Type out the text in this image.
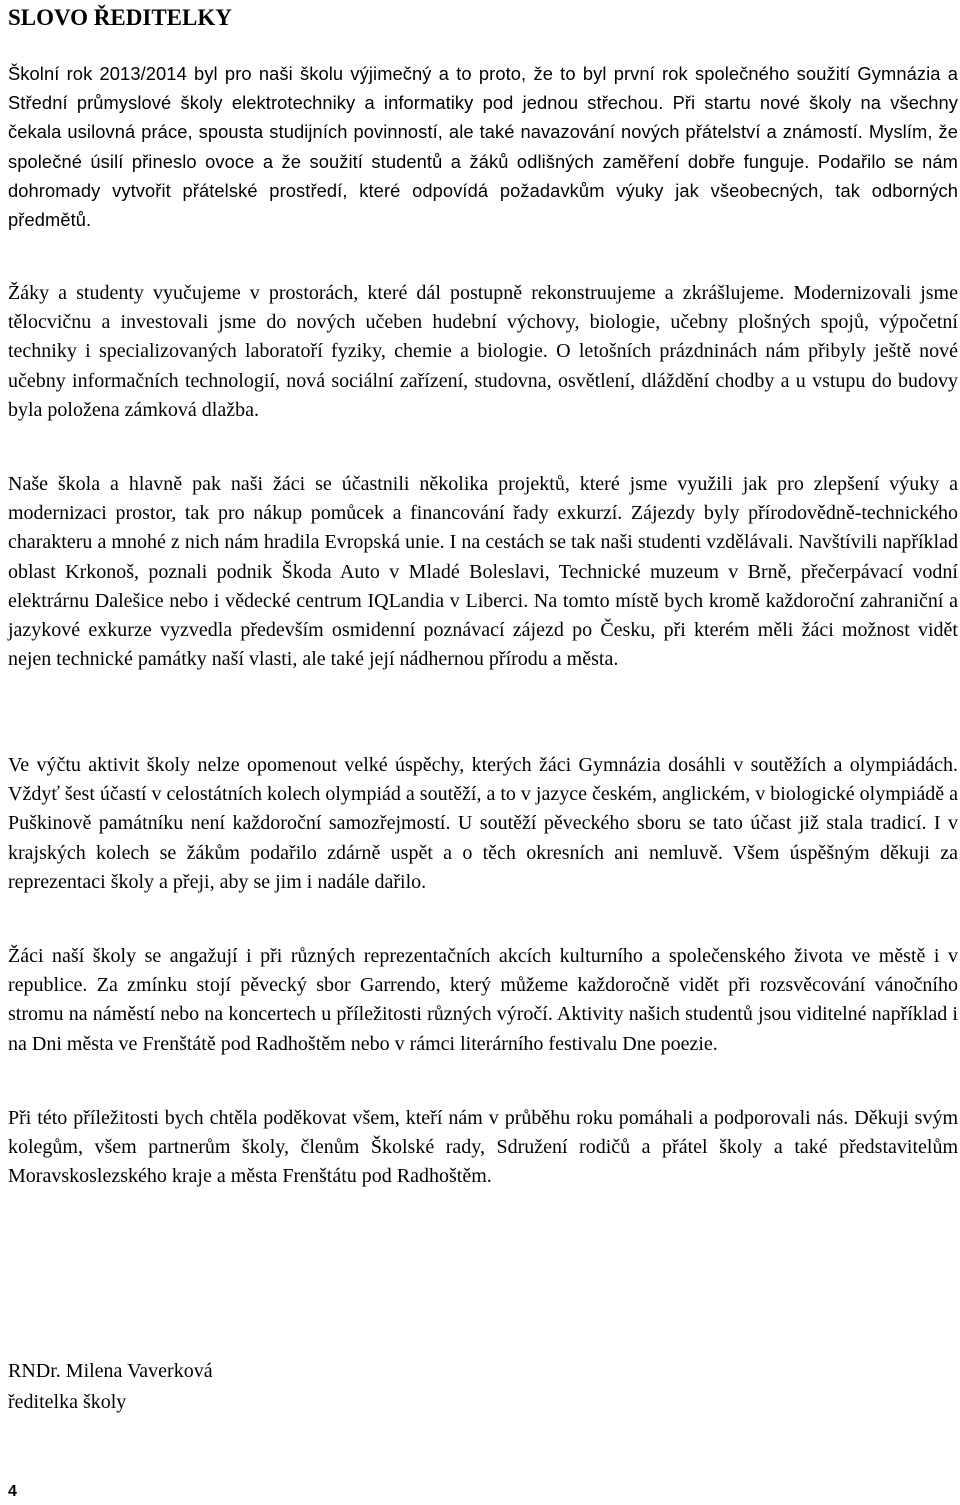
SLOVO ŘEDITELKY

Školní rok 2013/2014 byl pro naši školu výjimečný a to proto, že to byl první rok společného soužití Gymnázia a Střední průmyslové školy elektrotechniky a informatiky pod jednou střechou. Při startu nové školy na všechny čekala usilovná práce, spousta studijních povinností, ale také navazování nových přátelství a známostí. Myslím, že společné úsilí přineslo ovoce a že soužití studentů a žáků odlišných zaměření dobře funguje. Podařilo se nám dohromady vytvořit přátelské prostředí, které odpovídá požadavkům výuky jak všeobecných, tak odborných předmětů.

Žáky a studenty vyučujeme v prostorách, které dál postupně rekonstruujeme a zkrášlujeme. Modernizovali jsme tělocvičnu a investovali jsme do nových učeben hudební výchovy, biologie, učebny plošných spojů, výpočetní techniky i specializovaných laboratoří fyziky, chemie a biologie. O letošních prázdninách nám přibyly ještě nové učebny informačních technologií, nová sociální zařízení, studovna, osvětlení, dláždění chodby a u vstupu do budovy byla položena zámková dlažba.

Naše škola a hlavně pak naši žáci se účastnili několika projektů, které jsme využili jak pro zlepšení výuky a modernizaci prostor, tak pro nákup pomůcek a financování řady exkurzí. Zájezdy byly přírodovědně-technického charakteru a mnohé z nich nám hradila Evropská unie. I na cestách se tak naši studenti vzdělávali. Navštívili například oblast Krkonoš, poznali podnik Škoda Auto v Mladé Boleslavi, Technické muzeum v Brně, přečerpávací vodní elektrárnu Dalešice nebo i vědecké centrum IQLandia v Liberci. Na tomto místě bych kromě každoroční zahraniční a jazykové exkurze vyzvedla především osmidenní poznávací zájezd po Česku, při kterém měli žáci možnost vidět nejen technické památky naší vlasti, ale také její nádhernou přírodu a města.

Ve výčtu aktivit školy nelze opomenout velké úspěchy, kterých žáci Gymnázia dosáhli v soutěžích a olympiádách. Vždyť šest účastí v celostátních kolech olympiád a soutěží, a to v jazyce českém, anglickém, v biologické olympiádě a Puškinově památníku není každoroční samozřejmostí. U soutěží pěveckého sboru se tato účast již stala tradicí. I v krajských kolech se žákům podařilo zdárně uspět a o těch okresních ani nemluvě. Všem úspěšným děkuji za reprezentaci školy a přeji, aby se jim i nadále dařilo.

Žáci naší školy se angažují i při různých reprezentačních akcích kulturního a společenského života ve městě i v republice. Za zmínku stojí pěvecký sbor Garrendo, který můžeme každoročně vidět při rozsvěcování vánočního stromu na náměstí nebo na koncertech u příležitosti různých výročí. Aktivity našich studentů jsou viditelné například i na Dni města ve Frenštátě pod Radhoštěm nebo v rámci literárního festivalu Dne poezie.

Při této příležitosti bych chtěla poděkovat všem, kteří nám v průběhu roku pomáhali a podporovali nás. Děkuji svým kolegům, všem partnerům školy, členům Školské rady, Sdružení rodičů a přátel školy a také představitelům Moravskoslezského kraje a města Frenštátu pod Radhoštěm.

RNDr. Milena Vaverková

ředitelka školy

4
